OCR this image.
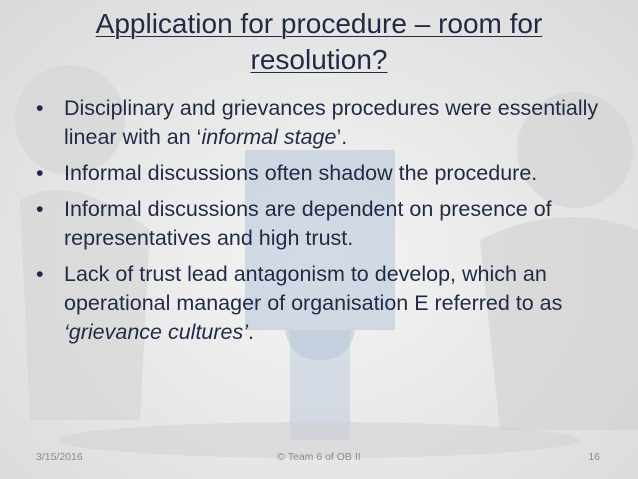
Application for procedure – room for resolution?
• Disciplinary and grievances procedures were essentially linear with an ‘informal stage’.
• Informal discussions often shadow the procedure.
• Informal discussions are dependent on presence of representatives and high trust.
• Lack of trust lead antagonism to develop, which an operational manager of organisation E referred to as ‘grievance cultures’.
3/15/2016	© Team 6 of OB II	16
